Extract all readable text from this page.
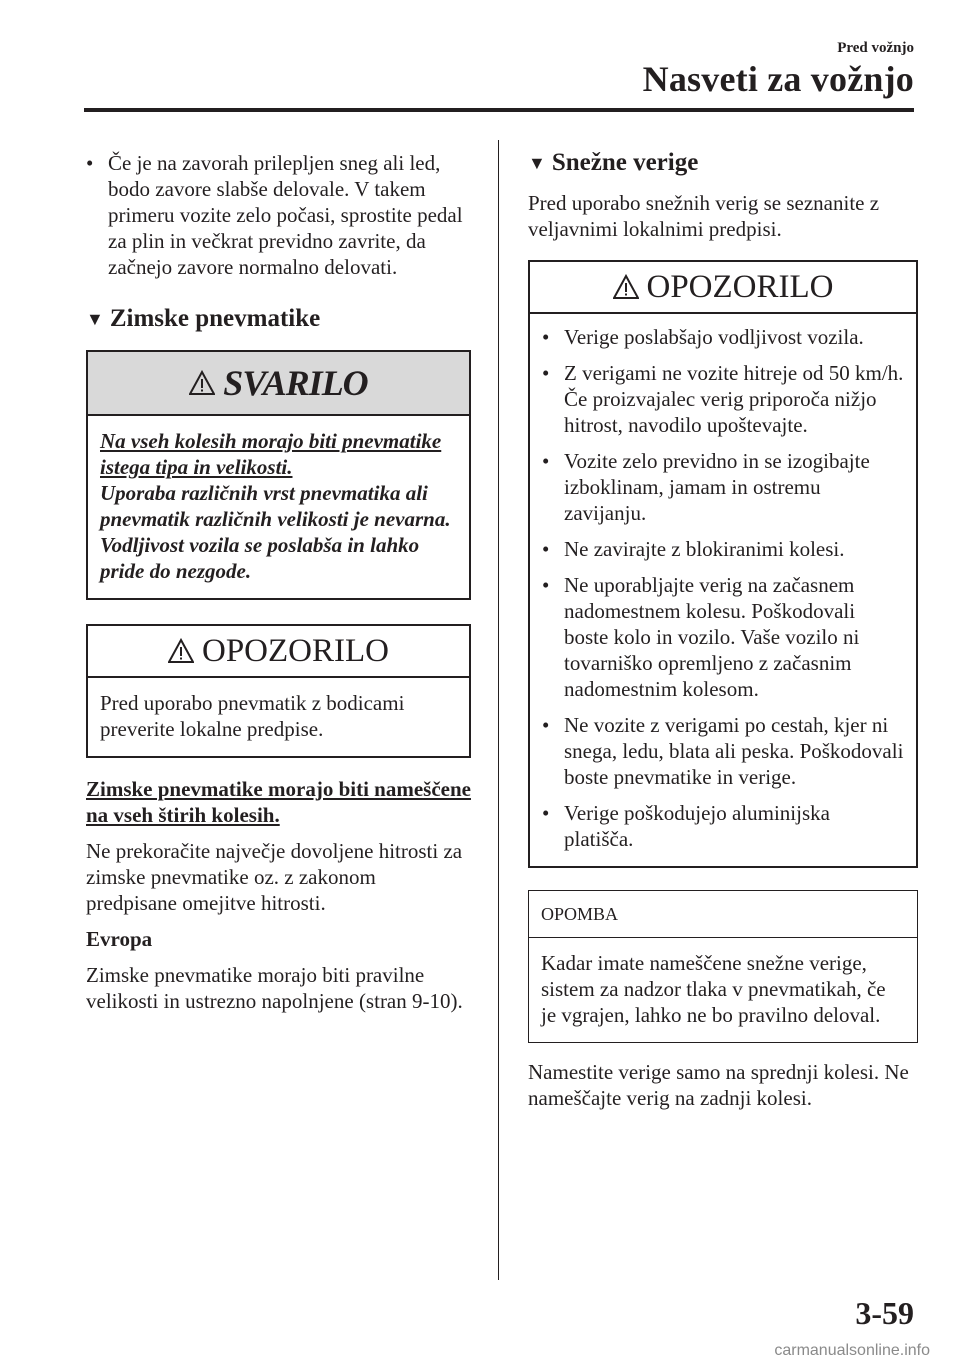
Pred vožnjo
Nasveti za vožnjo
• Če je na zavorah prilepljen sneg ali led, bodo zavore slabše delovale. V takem primeru vozite zelo počasi, sprostite pedal za plin in večkrat previdno zavrite, da začnejo zavore normalno delovati.
▼ Zimske pnevmatike
SVARILO

Na vseh kolesih morajo biti pnevmatike istega tipa in velikosti.

Uporaba različnih vrst pnevmatika ali pnevmatik različnih velikosti je nevarna. Vodljivost vozila se poslabša in lahko pride do nezgode.

OPOZORILO

Pred uporabo pnevmatik z bodicami preverite lokalne predpise.

Zimske pnevmatike morajo biti nameščene na vseh štirih kolesih.

Ne prekoračite največje dovoljene hitrosti za zimske pnevmatike oz. z zakonom predpisane omejitve hitrosti.

Evropa

Zimske pnevmatike morajo biti pravilne velikosti in ustrezno napolnjene (stran 9-10).

▼ Snežne verige

Pred uporabo snežnih verig se seznanite z veljavnimi lokalnimi predpisi.

OPOZORILO
• Verige poslabšajo vodljivost vozila.
• Z verigami ne vozite hitreje od 50 km/h. Če proizvajalec verig priporoča nižjo hitrost, navodilo upoštevajte.
• Vozite zelo previdno in se izogibajte izboklinam, jamam in ostremu zavijanju.
• Ne zavirajte z blokiranimi kolesi.
• Ne uporabljajte verig na začasnem nadomestnem kolesu. Poškodovali boste kolo in vozilo. Vaše vozilo ni tovarniško opremljeno z začasnim nadomestnim kolesom.
• Ne vozite z verigami po cestah, kjer ni snega, ledu, blata ali peska. Poškodovali boste pnevmatike in verige.
• Verige poškodujejo aluminijska platišča.
OPOMBA

Kadar imate nameščene snežne verige, sistem za nadzor tlaka v pnevmatikah, če je vgrajen, lahko ne bo pravilno deloval.

Namestite verige samo na sprednji kolesi. Ne nameščajte verig na zadnji kolesi.

3-59
carmanualsonline.info
